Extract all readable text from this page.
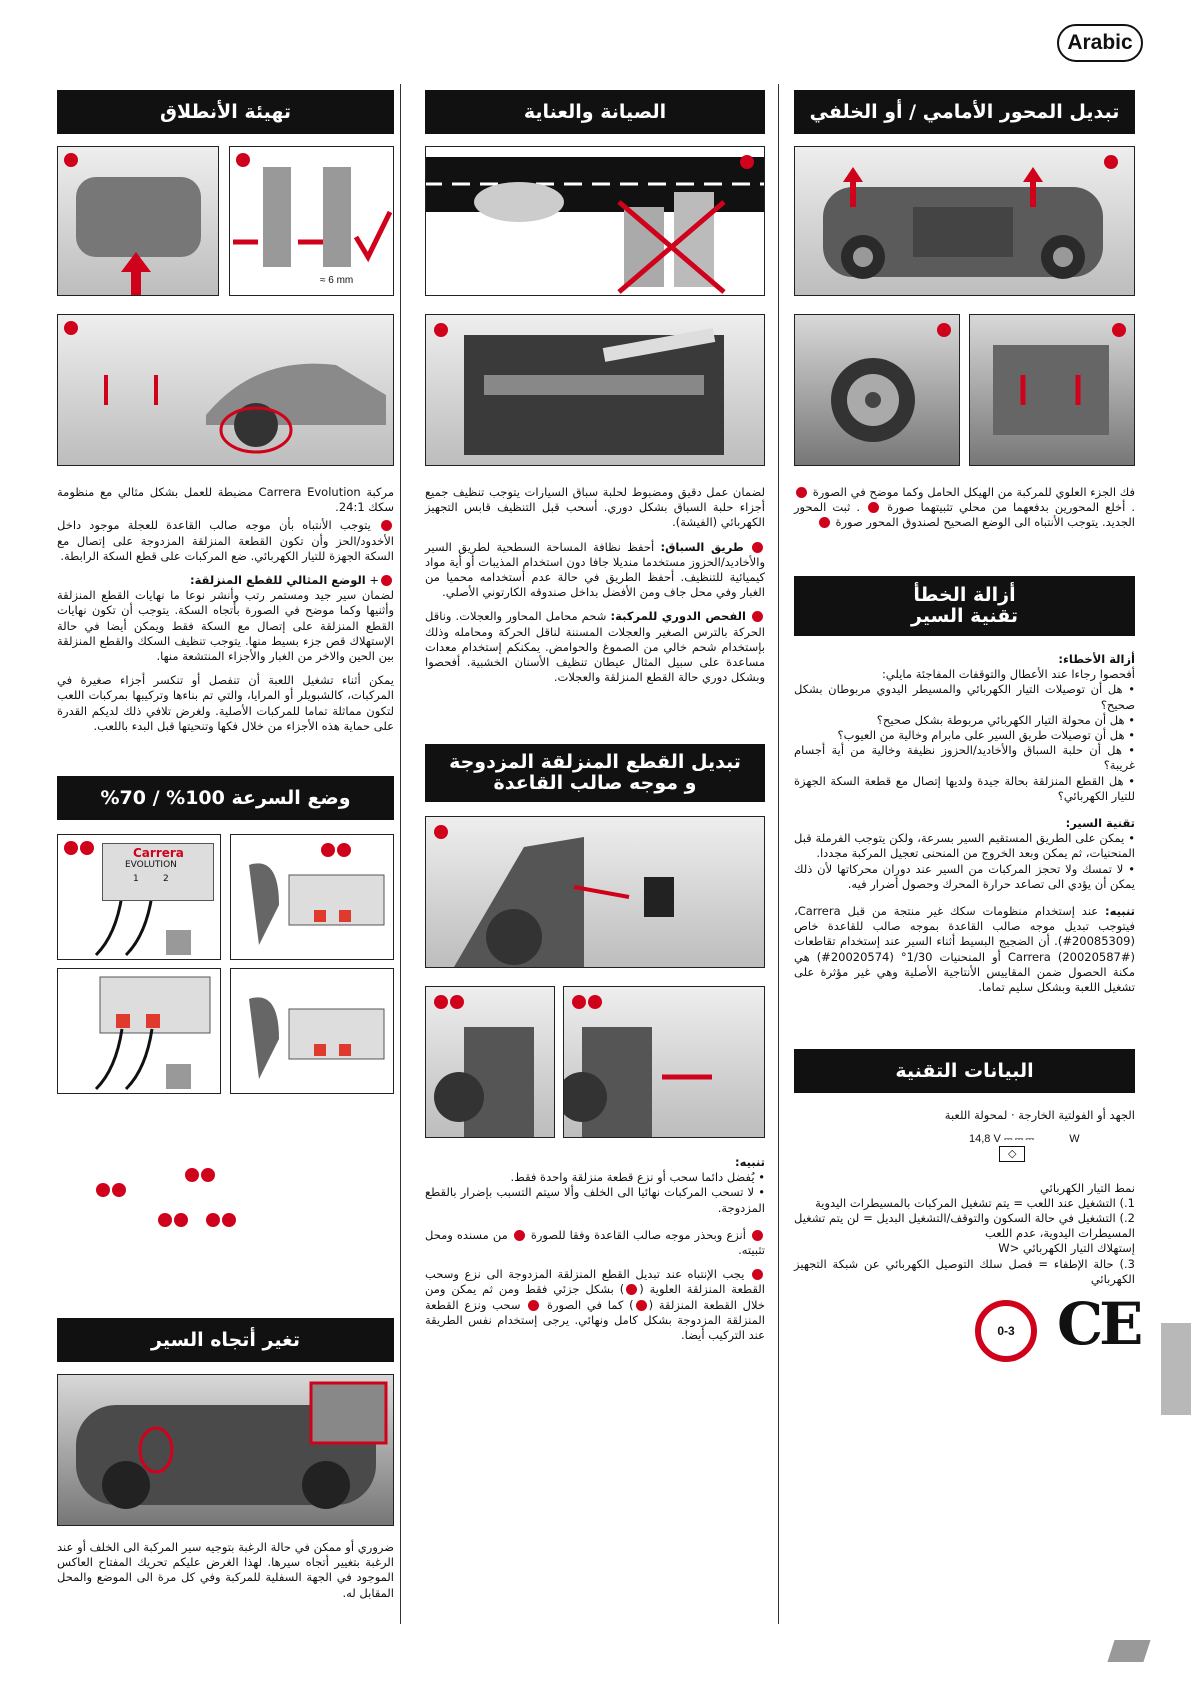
Arabic
تبديل المحور الأمامي / أو الخلفي

فك الجزء العلوي للمركبة من الهيكل الحامل وكما موضح في الصورة  . أخلع المحورين بدفعهما من محلي تثبيتهما صورة  . ثبت المحور الجديد. يتوجب الأنتباه الى الوضع الصحيح لصندوق المحور صورة

أزالة الخطأ
تقنية السير

أزالة الأخطاء:

أفحصوا رجاءا عند الأعطال والتوقفات المفاجئة مايلي:

• هل أن توصيلات التيار الكهربائي والمسيطر اليدوي مربوطان بشكل صحيح؟
• هل أن محولة التيار الكهربائي مربوطة بشكل صحيح؟
• هل أن توصيلات طريق السير على مابرام وخالية من العيوب؟
• هل أن حلبة السباق والأخاديد/الحزوز نظيفة وخالية من أية أجسام غريبة؟
• هل القطع المنزلقة بحالة جيدة ولديها إتصال مع قطعة السكة الجهزة للتيار الكهربائي؟

تقنية السير:

• يمكن على الطريق المستقيم السير بسرعة، ولكن يتوجب الفرملة قبل المنحنيات، ثم يمكن وبعد الخروج من المنحنى تعجيل المركبة مجددا.
• لا تمسك ولا تحجز المركبات من السير عند دوران محركاتها لأن ذلك يمكن أن يؤدي الى تصاعد حرارة المحرك وحصول أضرار فيه.

تنبيه: عند إستخدام منظومات سكك غير منتجة من قبل Carrera، فيتوجب تبديل موجه صالب القاعدة بموجه صالب للقاعدة خاص (20085309#). أن الضجيج البسيط أثناء السير عند إستخدام تقاطعات Carrera (20020587#) أو المنحنيات 1/30° (20020574#) هي مكنة الحصول ضمن المقاييس الأنتاجية الأصلية وهي غير مؤثرة على تشغيل اللعبة وبشكل سليم تماما.

البيانات التقنية

الجهد أو الفولتية الخارجة · لمحولة اللعبة

14,8 V ⎓⎓⎓	W ◇

نمط التيار الكهربائي

1.) التشغيل عند اللعب = يتم تشغيل المركبات بالمسيطرات اليدوية
2.) التشغيل في حالة السكون والتوقف/التشغيل البديل = لن يتم تشغيل المسيطرات اليدوية، عدم اللعب
إستهلاك التيار الكهربائي <W
3.) حالة الإطفاء = فصل سلك التوصيل الكهربائي عن شبكة التجهيز الكهربائي
0-3 CE
الصيانة والعناية

لضمان عمل دقيق ومضبوط لحلبة سباق السيارات يتوجب تنظيف جميع أجزاء حلبة السباق بشكل دوري. أسحب قبل التنظيف قابس التجهيز الكهربائي (الفيشة).

طريق السباق: أحفظ نظافة المساحة السطحية لطريق السير والأخاديد/الحزوز مستخدما منديلا جافا دون استخدام المذيبات أو أية مواد كيميائية للتنظيف. أحفظ الطريق في حالة عدم أستخدامه محميا من الغبار وفي محل جاف ومن الأفضل بداخل صندوقه الكارتوني الأصلي.

الفحص الدوري للمركبة: شحم محامل المحاور والعجلات. وناقل الحركة بالترس الصغير والعجلات المسننة لناقل الحركة ومحامله وذلك بإستخدام شحم خالي من الصموغ والحوامض. يمكنكم إستخدام معدات مساعدة على سبيل المثال عيطان تنظيف الأسنان الخشبية. أفحصوا وبشكل دوري حالة القطع المنزلقة والعجلات.

تبديل القطع المنزلقة المزدوجة
و موجه صالب القاعدة

تنبيه:

• يُفضل دائما سحب أو نزع قطعة منزلقة واحدة فقط.
• لا تسحب المركبات نهائيا الى الخلف وألا سيتم التسبب بإضرار بالقطع المزدوجة.

أنزع وبحذر موجه صالب القاعدة وفقا للصورة  من مسنده ومحل تثبيته.

يجب الإنتباه عند تبديل القطع المنزلقة المزدوجة الى نزع وسحب القطعة المنزلقة العلوية () بشكل جزئي فقط ومن ثم يمكن ومن خلال القطعة المنزلقة () كما في الصورة  سحب ونزع القطعة المنزلقة المزدوجة بشكل كامل ونهائي. يرجى إستخدام نفس الطريقة عند التركيب أيضا.

تهيئة الأنطلاق
≈ 6 mm

مركبة Carrera Evolution مضبطة للعمل بشكل مثالي مع منظومة سكك 24:1.

يتوجب الأنتباه بأن موجه صالب القاعدة للعجلة موجود داخل الأخدود/الحز وأن تكون القطعة المنزلقة المزدوجة على إتصال مع السكة الجهزة للتيار الكهربائي. ضع المركبات على قطع السكة الرابطة.

+ الوضع المثالي للقطع المنزلقة:
لضمان سير جيد ومستمر رتب وأنشر نوعا ما نهايات القطع المنزلقة وأثنيها وكما موضح في الصورة بأتجاه السكة. يتوجب أن تكون نهايات القطع المنزلقة على إتصال مع السكة فقط ويمكن أيضا في حالة الإستهلاك قص جزء بسيط منها. يتوجب تنظيف السكك والقطع المنزلقة بين الحين والاخر من الغبار والأجزاء المنتشعة منها.

يمكن أثناء تشغيل اللعبة أن تنفصل أو تنكسر أجزاء صغيرة في المركبات، كالشبويلر أو المرايا، والتي تم بناءها وتركيبها بمركبات اللعب لتكون مماثلة تماما للمركبات الأصلية. ولغرض تلافي ذلك لديكم القدرة على حماية هذه الأجزاء من خلال فكها وتنحيتها قبل البدء باللعب.

وضع السرعة 100% / 70%
Carrera
EVOLUTION
1	2
تغير أتجاه السير

ضروري أو ممكن في حالة الرغبة بتوجيه سير المركبة الى الخلف أو عند الرغبة بتغيير أتجاه سيرها. لهذا الغرض عليكم تحريك المفتاح العاكس الموجود في الجهة السفلية للمركبة وفي كل مرة الى الموضع والمحل المقابل له.
